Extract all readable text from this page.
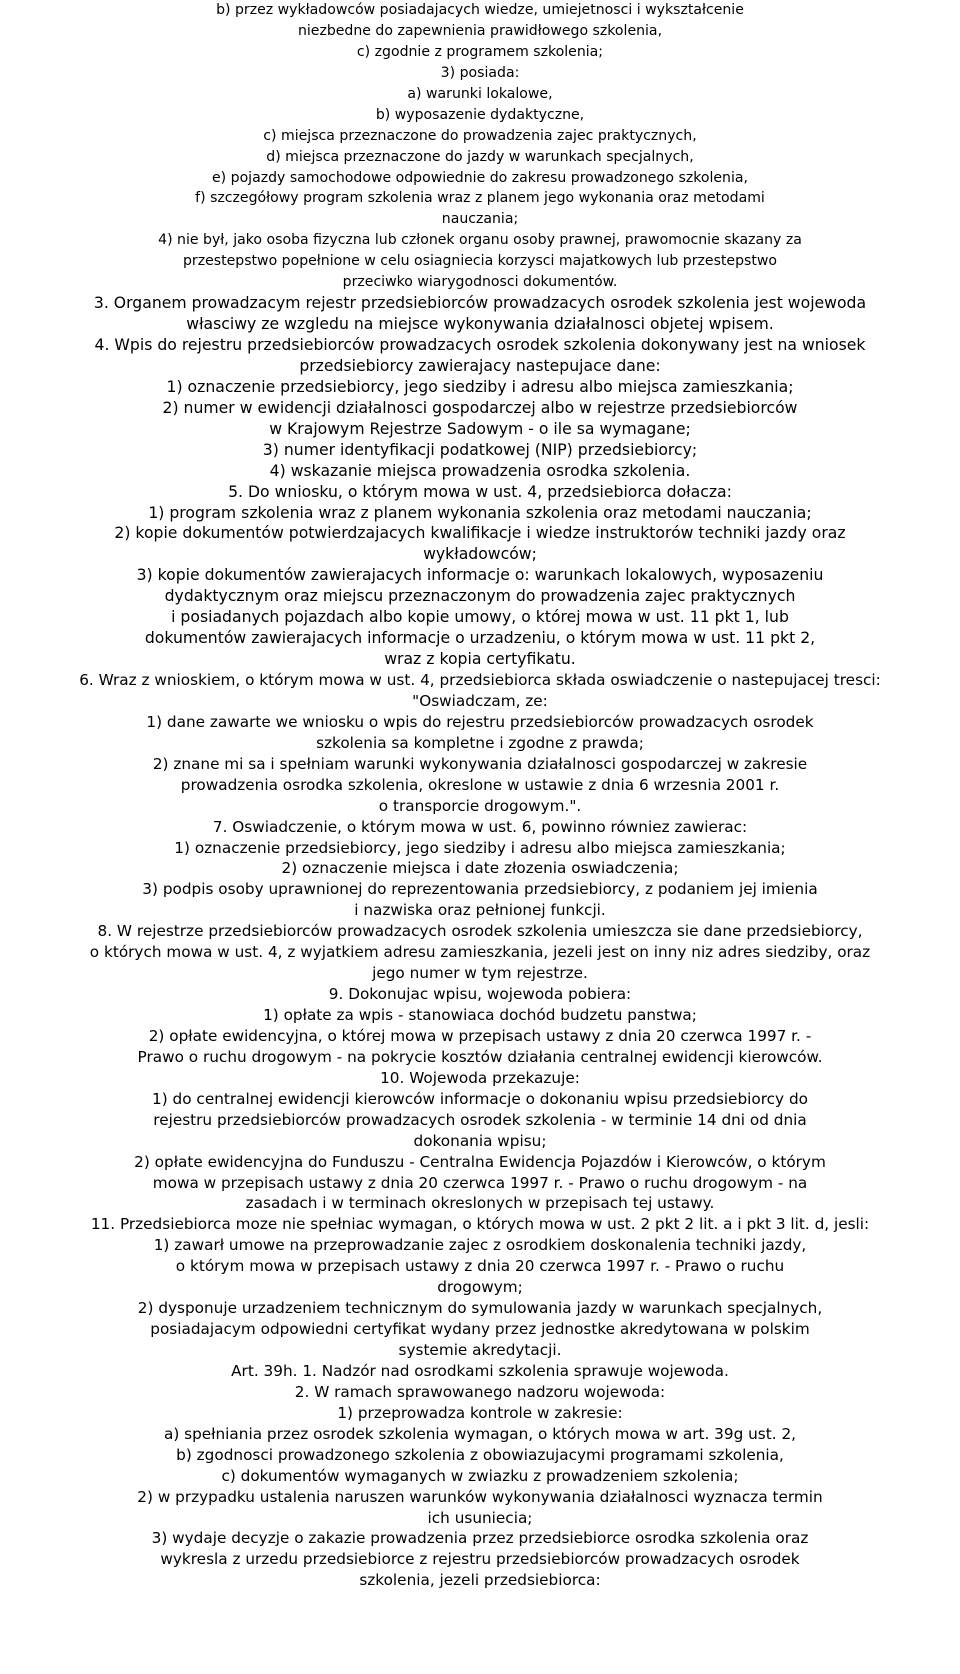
b) przez wykładowców posiadajacych wiedze, umiejetnosci i wykształcenie
niezbedne do zapewnienia prawidłowego szkolenia,
c) zgodnie z programem szkolenia;
3) posiada:
a) warunki lokalowe,
b) wyposazenie dydaktyczne,
c) miejsca przeznaczone do prowadzenia zajec praktycznych,
d) miejsca przeznaczone do jazdy w warunkach specjalnych,
e) pojazdy samochodowe odpowiednie do zakresu prowadzonego szkolenia,
f) szczegółowy program szkolenia wraz z planem jego wykonania oraz metodami
nauczania;
4) nie był, jako osoba fizyczna lub członek organu osoby prawnej, prawomocnie skazany za
przestepstwo popełnione w celu osiagniecia korzysci majatkowych lub przestepstwo
przeciwko wiarygodnosci dokumentów.
3. Organem prowadzacym rejestr przedsiebiorców prowadzacych osrodek szkolenia jest wojewoda
własciwy ze wzgledu na miejsce wykonywania działalnosci objetej wpisem.
4. Wpis do rejestru przedsiebiorców prowadzacych osrodek szkolenia dokonywany jest na wniosek
przedsiebiorcy zawierajacy nastepujace dane:
1) oznaczenie przedsiebiorcy, jego siedziby i adresu albo miejsca zamieszkania;
2) numer w ewidencji działalnosci gospodarczej albo w rejestrze przedsiebiorców
w Krajowym Rejestrze Sadowym - o ile sa wymagane;
3) numer identyfikacji podatkowej (NIP) przedsiebiorcy;
4) wskazanie miejsca prowadzenia osrodka szkolenia.
5. Do wniosku, o którym mowa w ust. 4, przedsiebiorca dołacza:
1) program szkolenia wraz z planem wykonania szkolenia oraz metodami nauczania;
2) kopie dokumentów potwierdzajacych kwalifikacje i wiedze instruktorów techniki jazdy oraz
wykładowców;
3) kopie dokumentów zawierajacych informacje o: warunkach lokalowych, wyposazeniu
dydaktycznym oraz miejscu przeznaczonym do prowadzenia zajec praktycznych
i posiadanych pojazdach albo kopie umowy, o której mowa w ust. 11 pkt 1, lub
dokumentów zawierajacych informacje o urzadzeniu, o którym mowa w ust. 11 pkt 2,
wraz z kopia certyfikatu.
6. Wraz z wnioskiem, o którym mowa w ust. 4, przedsiebiorca składa oswiadczenie o nastepujacej tresci:
"Oswiadczam, ze:
1) dane zawarte we wniosku o wpis do rejestru przedsiebiorców prowadzacych osrodek
szkolenia sa kompletne i zgodne z prawda;
2) znane mi sa i spełniam warunki wykonywania działalnosci gospodarczej w zakresie
prowadzenia osrodka szkolenia, okreslone w ustawie z dnia 6 wrzesnia 2001 r.
o transporcie drogowym.".
7. Oswiadczenie, o którym mowa w ust. 6, powinno równiez zawierac:
1) oznaczenie przedsiebiorcy, jego siedziby i adresu albo miejsca zamieszkania;
2) oznaczenie miejsca i date złozenia oswiadczenia;
3) podpis osoby uprawnionej do reprezentowania przedsiebiorcy, z podaniem jej imienia
i nazwiska oraz pełnionej funkcji.
8. W rejestrze przedsiebiorców prowadzacych osrodek szkolenia umieszcza sie dane przedsiebiorcy,
o których mowa w ust. 4, z wyjatkiem adresu zamieszkania, jezeli jest on inny niz adres siedziby, oraz
jego numer w tym rejestrze.
9. Dokonujac wpisu, wojewoda pobiera:
1) opłate za wpis - stanowiaca dochód budzetu panstwa;
2) opłate ewidencyjna, o której mowa w przepisach ustawy z dnia 20 czerwca 1997 r. -
Prawo o ruchu drogowym - na pokrycie kosztów działania centralnej ewidencji kierowców.
10. Wojewoda przekazuje:
1) do centralnej ewidencji kierowców informacje o dokonaniu wpisu przedsiebiorcy do
rejestru przedsiebiorców prowadzacych osrodek szkolenia - w terminie 14 dni od dnia
dokonania wpisu;
2) opłate ewidencyjna do Funduszu - Centralna Ewidencja Pojazdów i Kierowców, o którym
mowa w przepisach ustawy z dnia 20 czerwca 1997 r. - Prawo o ruchu drogowym - na
zasadach i w terminach okreslonych w przepisach tej ustawy.
11. Przedsiebiorca moze nie spełniac wymagan, o których mowa w ust. 2 pkt 2 lit. a i pkt 3 lit. d, jesli:
1) zawarł umowe na przeprowadzanie zajec z osrodkiem doskonalenia techniki jazdy,
o którym mowa w przepisach ustawy z dnia 20 czerwca 1997 r. - Prawo o ruchu
drogowym;
2) dysponuje urzadzeniem technicznym do symulowania jazdy w warunkach specjalnych,
posiadajacym odpowiedni certyfikat wydany przez jednostke akredytowana w polskim
systemie akredytacji.
Art. 39h. 1. Nadzór nad osrodkami szkolenia sprawuje wojewoda.
2. W ramach sprawowanego nadzoru wojewoda:
1) przeprowadza kontrole w zakresie:
a) spełniania przez osrodek szkolenia wymagan, o których mowa w art. 39g ust. 2,
b) zgodnosci prowadzonego szkolenia z obowiazujacymi programami szkolenia,
c) dokumentów wymaganych w zwiazku z prowadzeniem szkolenia;
2) w przypadku ustalenia naruszen warunków wykonywania działalnosci wyznacza termin
ich usuniecia;
3) wydaje decyzje o zakazie prowadzenia przez przedsiebiorce osrodka szkolenia oraz
wykresla z urzedu przedsiebiorce z rejestru przedsiebiorców prowadzacych osrodek
szkolenia, jezeli przedsiebiorca:
